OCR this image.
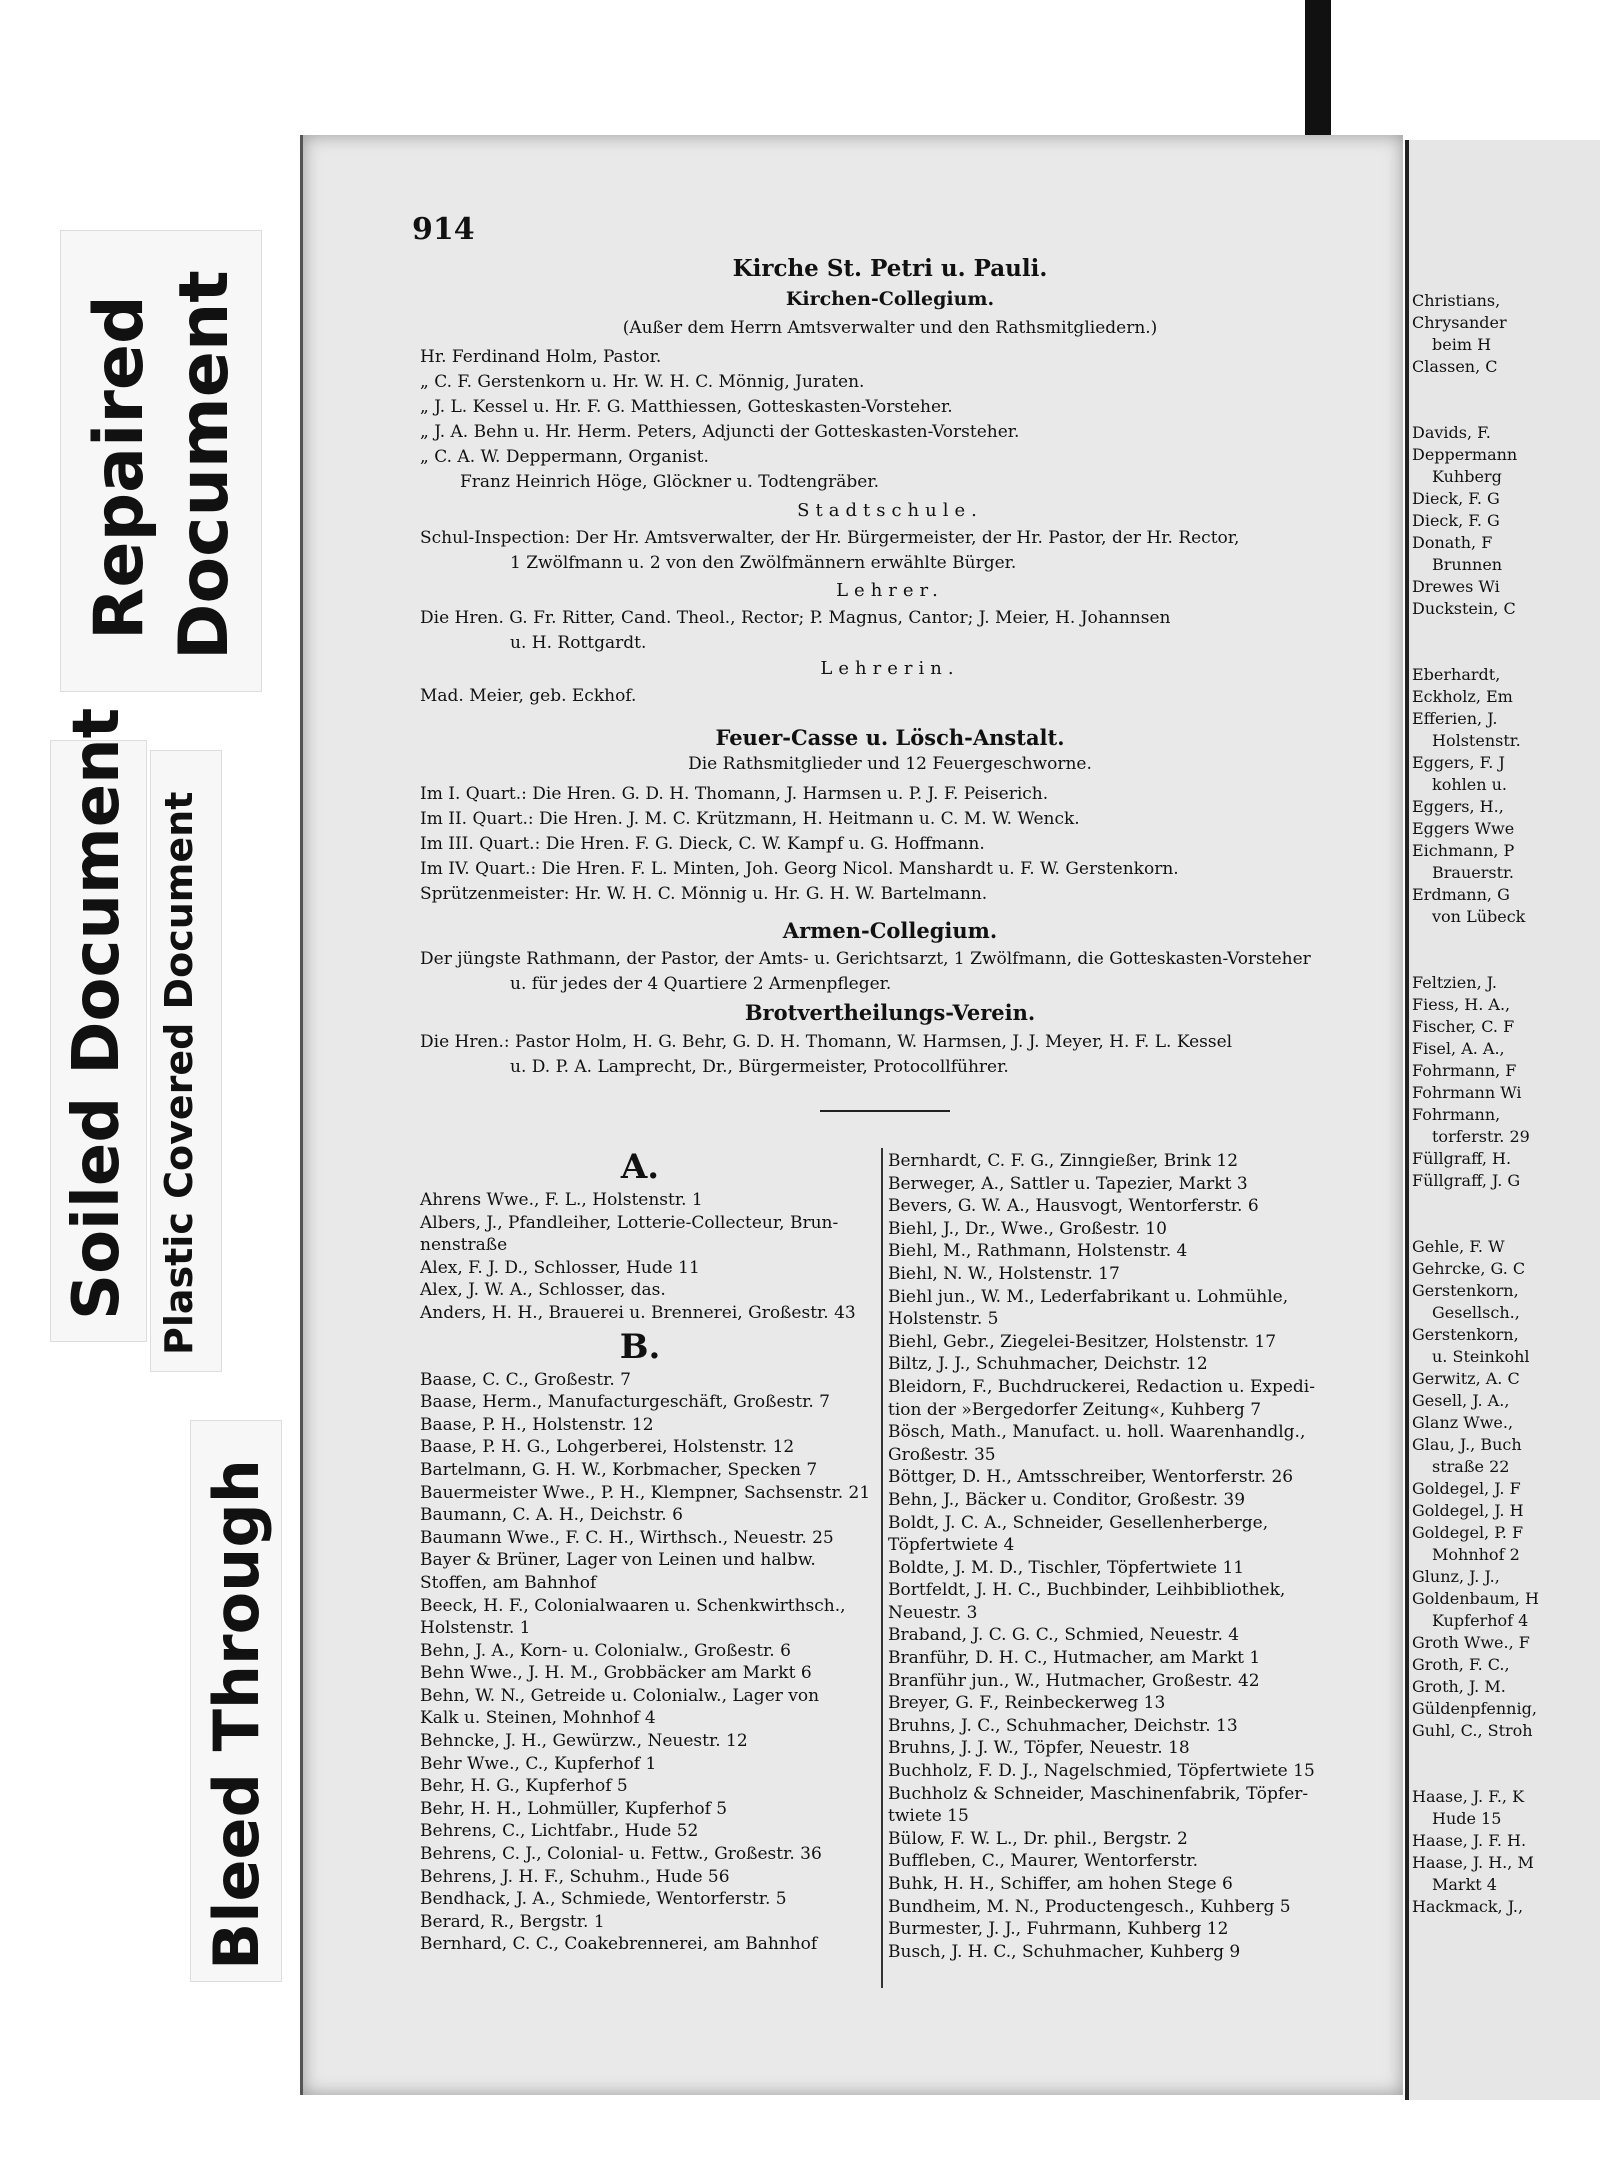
Repaired Document
Soiled Document Plastic Covered Document
Bleed Through
914
Kirche St. Petri u. Pauli.
Kirchen-Collegium.
(Außer dem Herrn Amtsverwalter und den Rathsmitgliedern.)
Hr. Ferdinand Holm, Pastor.
„ C. F. Gerstenkorn u. Hr. W. H. C. Mönnig, Juraten.
„ J. L. Kessel u. Hr. F. G. Matthiessen, Gotteskasten-Vorsteher.
„ J. A. Behn u. Hr. Herm. Peters, Adjuncti der Gotteskasten-Vorsteher.
„ C. A. W. Deppermann, Organist.
Franz Heinrich Höge, Glöckner u. Todtengräber.
Stadtschule.
Schul-Inspection: Der Hr. Amtsverwalter, der Hr. Bürgermeister, der Hr. Pastor, der Hr. Rector,
1 Zwölfmann u. 2 von den Zwölfmännern erwählte Bürger.
Lehrer.
Die Hren. G. Fr. Ritter, Cand. Theol., Rector; P. Magnus, Cantor; J. Meier, H. Johannsen
u. H. Rottgardt.
Lehrerin.
Mad. Meier, geb. Eckhof.
Feuer-Casse u. Lösch-Anstalt.
Die Rathsmitglieder und 12 Feuergeschworne.
Im I. Quart.: Die Hren. G. D. H. Thomann, J. Harmsen u. P. J. F. Peiserich.
Im II. Quart.: Die Hren. J. M. C. Krützmann, H. Heitmann u. C. M. W. Wenck.
Im III. Quart.: Die Hren. F. G. Dieck, C. W. Kampf u. G. Hoffmann.
Im IV. Quart.: Die Hren. F. L. Minten, Joh. Georg Nicol. Manshardt u. F. W. Gerstenkorn.
Sprützenmeister: Hr. W. H. C. Mönnig u. Hr. G. H. W. Bartelmann.
Armen-Collegium.
Der jüngste Rathmann, der Pastor, der Amts- u. Gerichtsarzt, 1 Zwölfmann, die Gotteskasten-Vorsteher
u. für jedes der 4 Quartiere 2 Armenpfleger.
Brotvertheilungs-Verein.
Die Hren.: Pastor Holm, H. G. Behr, G. D. H. Thomann, W. Harmsen, J. J. Meyer, H. F. L. Kessel
u. D. P. A. Lamprecht, Dr., Bürgermeister, Protocollführer.
A.
Ahrens Wwe., F. L., Holstenstr. 1
Albers, J., Pfandleiher, Lotterie-Collecteur, Brun-
nenstraße
Alex, F. J. D., Schlosser, Hude 11
Alex, J. W. A., Schlosser, das.
Anders, H. H., Brauerei u. Brennerei, Großestr. 43
B.
Baase, C. C., Großestr. 7
Baase, Herm., Manufacturgeschäft, Großestr. 7
Baase, P. H., Holstenstr. 12
Baase, P. H. G., Lohgerberei, Holstenstr. 12
Bartelmann, G. H. W., Korbmacher, Specken 7
Bauermeister Wwe., P. H., Klempner, Sachsenstr. 21
Baumann, C. A. H., Deichstr. 6
Baumann Wwe., F. C. H., Wirthsch., Neuestr. 25
Bayer & Brüner, Lager von Leinen und halbw.
Stoffen, am Bahnhof
Beeck, H. F., Colonialwaaren u. Schenkwirthsch.,
Holstenstr. 1
Behn, J. A., Korn- u. Colonialw., Großestr. 6
Behn Wwe., J. H. M., Grobbäcker am Markt 6
Behn, W. N., Getreide u. Colonialw., Lager von
Kalk u. Steinen, Mohnhof 4
Behncke, J. H., Gewürzw., Neuestr. 12
Behr Wwe., C., Kupferhof 1
Behr, H. G., Kupferhof 5
Behr, H. H., Lohmüller, Kupferhof 5
Behrens, C., Lichtfabr., Hude 52
Behrens, C. J., Colonial- u. Fettw., Großestr. 36
Behrens, J. H. F., Schuhm., Hude 56
Bendhack, J. A., Schmiede, Wentorferstr. 5
Berard, R., Bergstr. 1
Bernhard, C. C., Coakebrennerei, am Bahnhof
Bernhardt, C. F. G., Zinngießer, Brink 12
Berweger, A., Sattler u. Tapezier, Markt 3
Bevers, G. W. A., Hausvogt, Wentorferstr. 6
Biehl, J., Dr., Wwe., Großestr. 10
Biehl, M., Rathmann, Holstenstr. 4
Biehl, N. W., Holstenstr. 17
Biehl jun., W. M., Lederfabrikant u. Lohmühle,
Holstenstr. 5
Biehl, Gebr., Ziegelei-Besitzer, Holstenstr. 17
Biltz, J. J., Schuhmacher, Deichstr. 12
Bleidorn, F., Buchdruckerei, Redaction u. Expedi-
tion der »Bergedorfer Zeitung«, Kuhberg 7
Bösch, Math., Manufact. u. holl. Waarenhandlg.,
Großestr. 35
Böttger, D. H., Amtsschreiber, Wentorferstr. 26
Behn, J., Bäcker u. Conditor, Großestr. 39
Boldt, J. C. A., Schneider, Gesellenherberge,
Töpfertwiete 4
Boldte, J. M. D., Tischler, Töpfertwiete 11
Bortfeldt, J. H. C., Buchbinder, Leihbibliothek,
Neuestr. 3
Braband, J. C. G. C., Schmied, Neuestr. 4
Branführ, D. H. C., Hutmacher, am Markt 1
Branführ jun., W., Hutmacher, Großestr. 42
Breyer, G. F., Reinbeckerweg 13
Bruhns, J. C., Schuhmacher, Deichstr. 13
Bruhns, J. J. W., Töpfer, Neuestr. 18
Buchholz, F. D. J., Nagelschmied, Töpfertwiete 15
Buchholz & Schneider, Maschinenfabrik, Töpfer-
twiete 15
Bülow, F. W. L., Dr. phil., Bergstr. 2
Buffleben, C., Maurer, Wentorferstr.
Buhk, H. H., Schiffer, am hohen Stege 6
Bundheim, M. N., Productengesch., Kuhberg 5
Burmester, J. J., Fuhrmann, Kuhberg 12
Busch, J. H. C., Schuhmacher, Kuhberg 9
Christians,
Chrysander
beim H
Classen, C
Davids, F.
Deppermann
Kuhberg
Dieck, F. G
Dieck, F. G
Donath, F
Brunnen
Drewes Wi
Duckstein, C
Eberhardt,
Eckholz, Em
Efferien, J.
Holstenstr.
Eggers, F. J
kohlen u.
Eggers, H.,
Eggers Wwe
Eichmann, P
Brauerstr.
Erdmann, G
von Lübeck
Feltzien, J.
Fiess, H. A.,
Fischer, C. F
Fisel, A. A.,
Fohrmann, F
Fohrmann Wi
Fohrmann,
torferstr. 29
Füllgraff, H.
Füllgraff, J. G
Gehle, F. W
Gehrcke, G. C
Gerstenkorn,
Gesellsch.,
Gerstenkorn,
u. Steinkohl
Gerwitz, A. C
Gesell, J. A.,
Glanz Wwe.,
Glau, J., Buch
straße 22
Goldegel, J. F
Goldegel, J. H
Goldegel, P. F
Mohnhof 2
Glunz, J. J.,
Goldenbaum, H
Kupferhof 4
Groth Wwe., F
Groth, F. C.,
Groth, J. M.
Güldenpfennig,
Guhl, C., Stroh
Haase, J. F., K
Hude 15
Haase, J. F. H.
Haase, J. H., M
Markt 4
Hackmack, J.,
